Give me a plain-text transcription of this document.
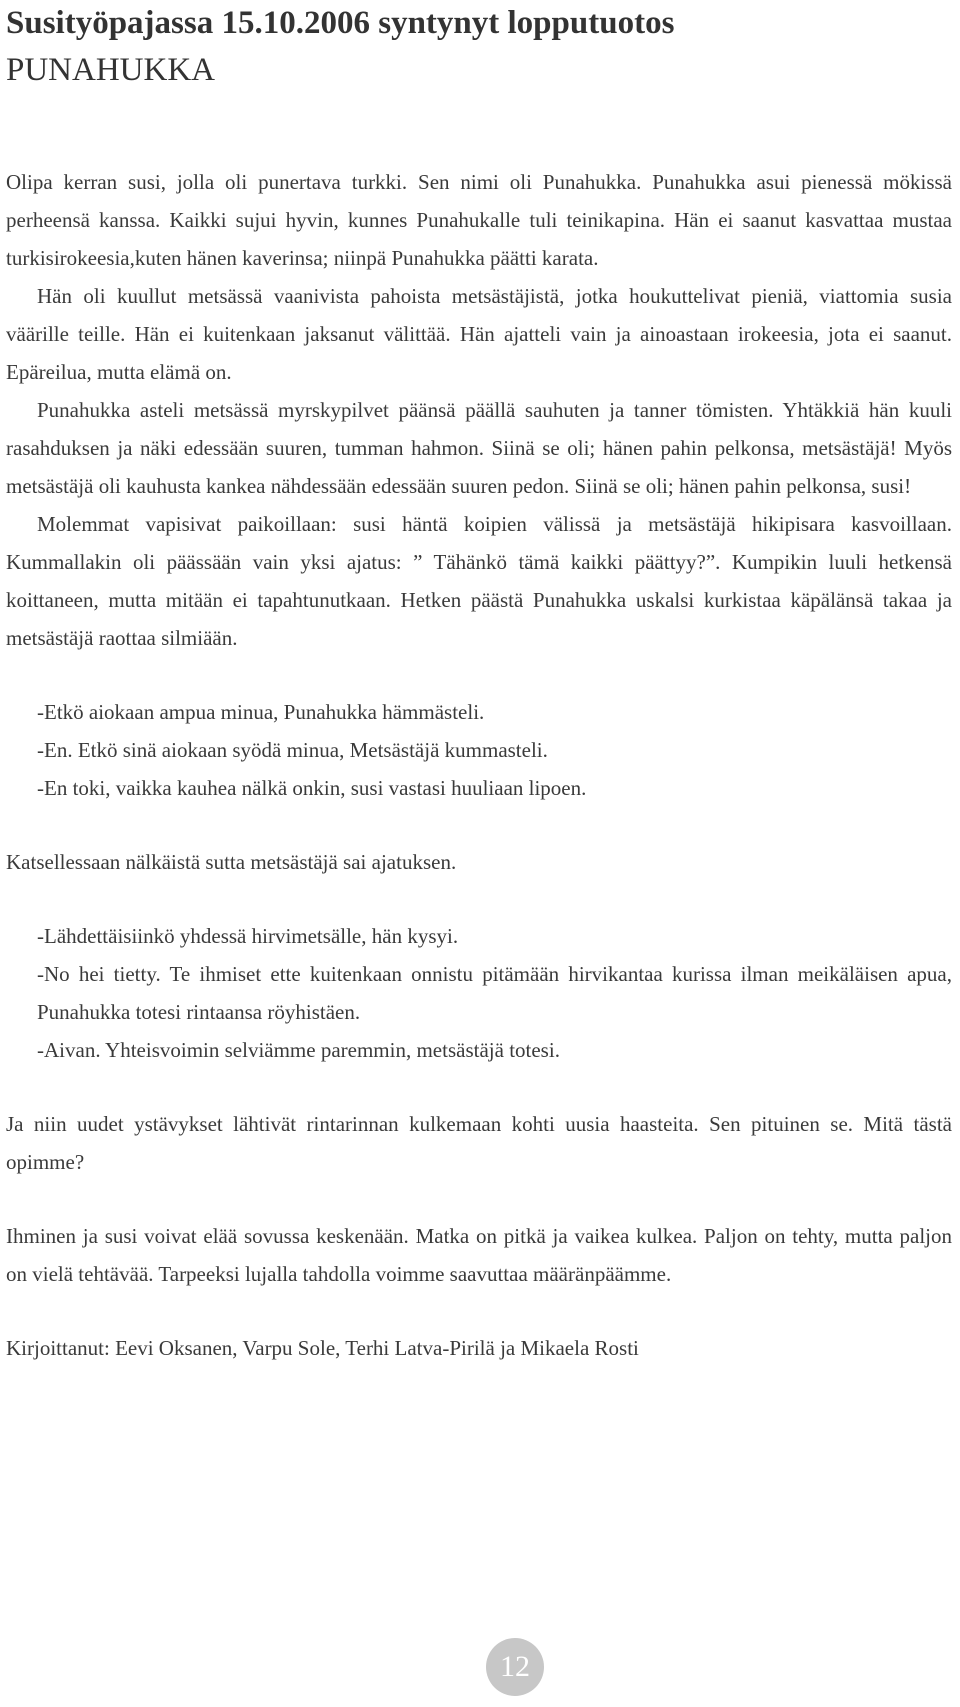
Susityöpajassa 15.10.2006 syntynyt lopputuotos
PUNAHUKKA

Olipa kerran susi, jolla oli punertava turkki. Sen nimi oli Punahukka. Punahukka asui pienessä mökissä perheensä kanssa. Kaikki sujui hyvin, kunnes Punahukalle tuli teinikapina. Hän ei saanut kasvattaa mustaa turkisirokeesia,kuten hänen kaverinsa; niinpä Punahukka päätti karata.

Hän oli kuullut metsässä vaanivista pahoista metsästäjistä, jotka houkuttelivat pieniä, viattomia susia väärille teille. Hän ei kuitenkaan jaksanut välittää. Hän ajatteli vain ja ainoastaan irokeesia, jota ei saanut. Epäreilua, mutta elämä on.

Punahukka asteli metsässä myrskypilvet päänsä päällä sauhuten ja tanner tömisten. Yhtäkkiä hän kuuli rasahduksen ja näki edessään suuren, tumman hahmon. Siinä se oli; hänen pahin pelkonsa, metsästäjä! Myös metsästäjä oli kauhusta kankea nähdessään edessään suuren pedon. Siinä se oli; hänen pahin pelkonsa, susi!

Molemmat vapisivat paikoillaan: susi häntä koipien välissä ja metsästäjä hikipisara kasvoillaan. Kummallakin oli päässään vain yksi ajatus: ” Tähänkö tämä kaikki päättyy?”. Kumpikin luuli hetkensä koittaneen, mutta mitään ei tapahtunutkaan. Hetken päästä Punahukka uskalsi kurkistaa käpälänsä takaa ja metsästäjä raottaa silmiään.

-Etkö aiokaan ampua minua, Punahukka hämmästeli.

-En. Etkö sinä aiokaan syödä minua, Metsästäjä kummasteli.

-En toki, vaikka kauhea nälkä onkin, susi vastasi huuliaan lipoen.

Katsellessaan nälkäistä sutta metsästäjä sai ajatuksen.

-Lähdettäisiinkö yhdessä hirvimetsälle, hän kysyi.

-No hei tietty. Te ihmiset ette kuitenkaan onnistu pitämään hirvikantaa kurissa ilman meikäläisen apua, Punahukka totesi rintaansa röyhistäen.

-Aivan. Yhteisvoimin selviämme paremmin, metsästäjä totesi.

Ja niin uudet ystävykset lähtivät rintarinnan kulkemaan kohti uusia haasteita. Sen pituinen se. Mitä tästä opimme?

Ihminen ja susi voivat elää sovussa keskenään. Matka on pitkä ja vaikea kulkea. Paljon on tehty, mutta paljon on vielä tehtävää. Tarpeeksi lujalla tahdolla voimme saavuttaa määränpäämme.

Kirjoittanut: Eevi Oksanen, Varpu Sole, Terhi Latva-Pirilä ja Mikaela Rosti

12
